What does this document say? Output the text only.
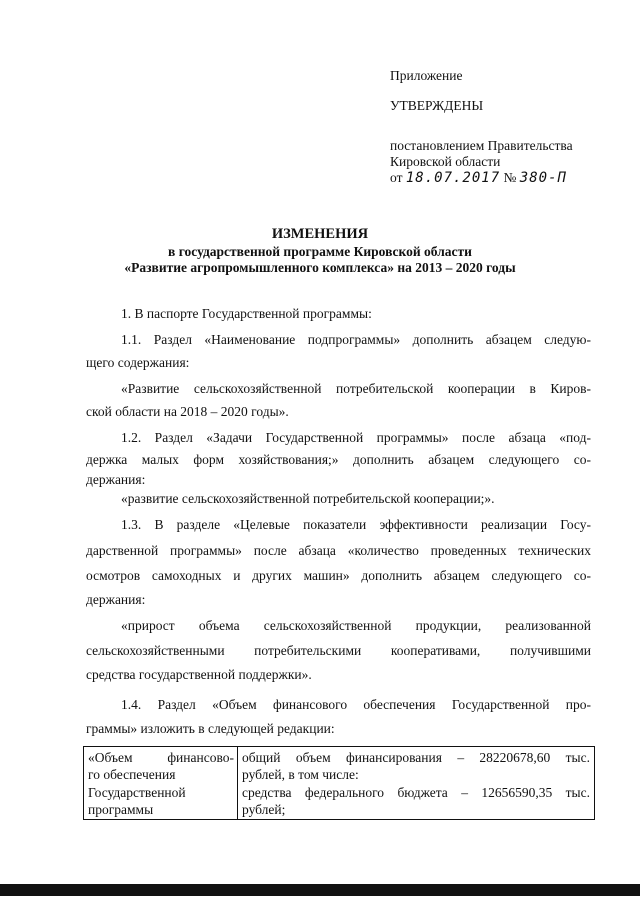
Приложение
УТВЕРЖДЕНЫ
постановлением Правительства
Кировской области
от 18.07.2017 № 380-П
ИЗМЕНЕНИЯ
в государственной программе Кировской области
«Развитие агропромышленного комплекса» на 2013 – 2020 годы
1. В паспорте Государственной программы:
1.1. Раздел «Наименование подпрограммы» дополнить абзацем следую-
щего содержания:
«Развитие сельскохозяйственной потребительской кооперации в Киров-
ской области на 2018 – 2020 годы».
1.2. Раздел «Задачи Государственной программы» после абзаца «под-
держка малых форм хозяйствования;» дополнить абзацем следующего со-
держания:
«развитие сельскохозяйственной потребительской кооперации;».
1.3. В разделе «Целевые показатели эффективности реализации Госу-
дарственной программы» после абзаца «количество проведенных технических
осмотров самоходных и других машин» дополнить абзацем следующего со-
держания:
«прирост объема сельскохозяйственной продукции, реализованной
сельскохозяйственными потребительскими кооперативами, получившими
средства государственной поддержки».
1.4. Раздел «Объем финансового обеспечения Государственной про-
граммы» изложить в следующей редакции:
«Объем финансово-
го обеспечения
Государственной
программы
общий объем финансирования – 28220678,60 тыс.
рублей, в том числе:
средства федерального бюджета – 12656590,35 тыс.
рублей;
